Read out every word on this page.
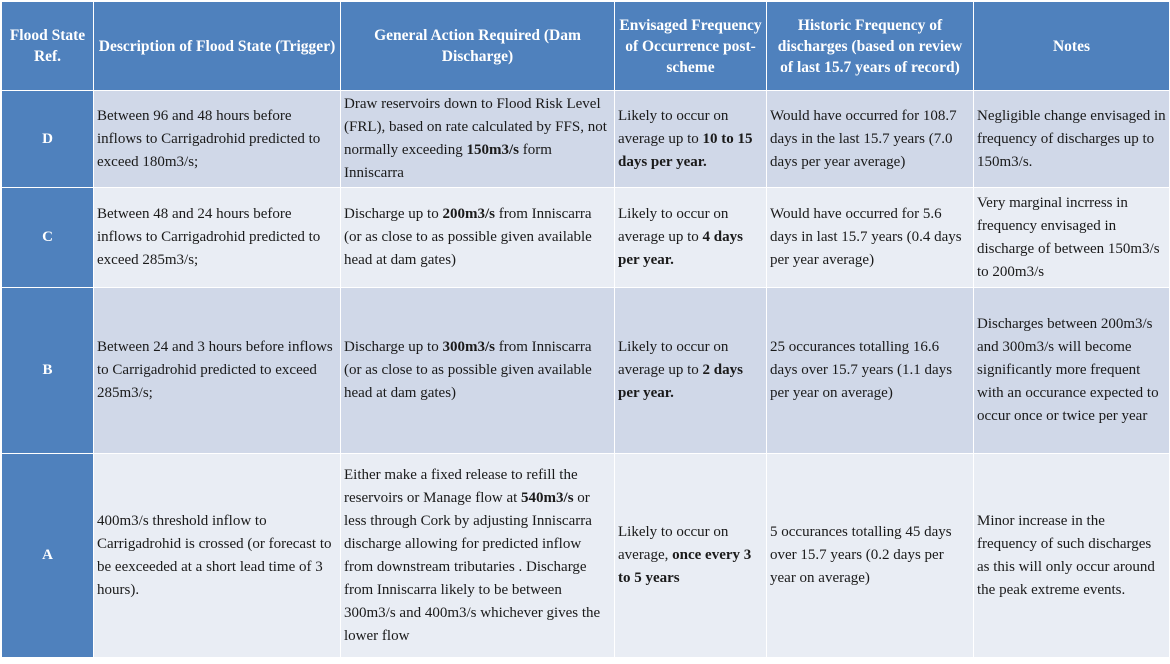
Flood State Ref.	Description of Flood State (Trigger)	General Action Required (Dam Discharge)	Envisaged Frequency of Occurrence post-scheme	Historic Frequency of discharges (based on review of last 15.7 years of record)	Notes
D	Between 96 and 48 hours before inflows to Carrigadrohid predicted to exceed 180m3/s;	Draw reservoirs down to Flood Risk Level (FRL), based on rate calculated by FFS, not normally exceeding 150m3/s form Inniscarra	Likely to occur on average up to 10 to 15 days per year.	Would have occurred for 108.7 days in the last 15.7 years (7.0 days per year average)	Negligible change envisaged in frequency of discharges up to 150m3/s.
C	Between 48 and 24 hours before inflows to Carrigadrohid predicted to exceed 285m3/s;	Discharge up to 200m3/s from Inniscarra (or as close to as possible given available head at dam gates)	Likely to occur on average up to 4 days per year.	Would have occurred for 5.6 days in last 15.7 years (0.4 days per year average)	Very marginal incrress in frequency envisaged in discharge of between 150m3/s to 200m3/s
B	Between 24 and 3 hours before inflows to Carrigadrohid predicted to exceed 285m3/s;	Discharge up to 300m3/s from Inniscarra (or as close to as possible given available head at dam gates)	Likely to occur on average up to 2 days per year.	25 occurances totalling 16.6 days over 15.7 years (1.1 days per year on average)	Discharges between 200m3/s and 300m3/s will become significantly more frequent with an occurance expected to occur once or twice per year
A	400m3/s threshold inflow to Carrigadrohid is crossed (or forecast to be eexceeded at a short lead time of 3 hours).	Either make a fixed release to refill the reservoirs or Manage flow at 540m3/s or less through Cork by adjusting Inniscarra discharge allowing for predicted inflow from downstream tributaries . Discharge from Inniscarra likely to be between 300m3/s and 400m3/s whichever gives the lower flow	Likely to occur on average, once every 3 to 5 years	5 occurances totalling 45 days over 15.7 years (0.2 days per year on average)	Minor increase in the frequency of such discharges as this will only occur around the peak extreme events.
